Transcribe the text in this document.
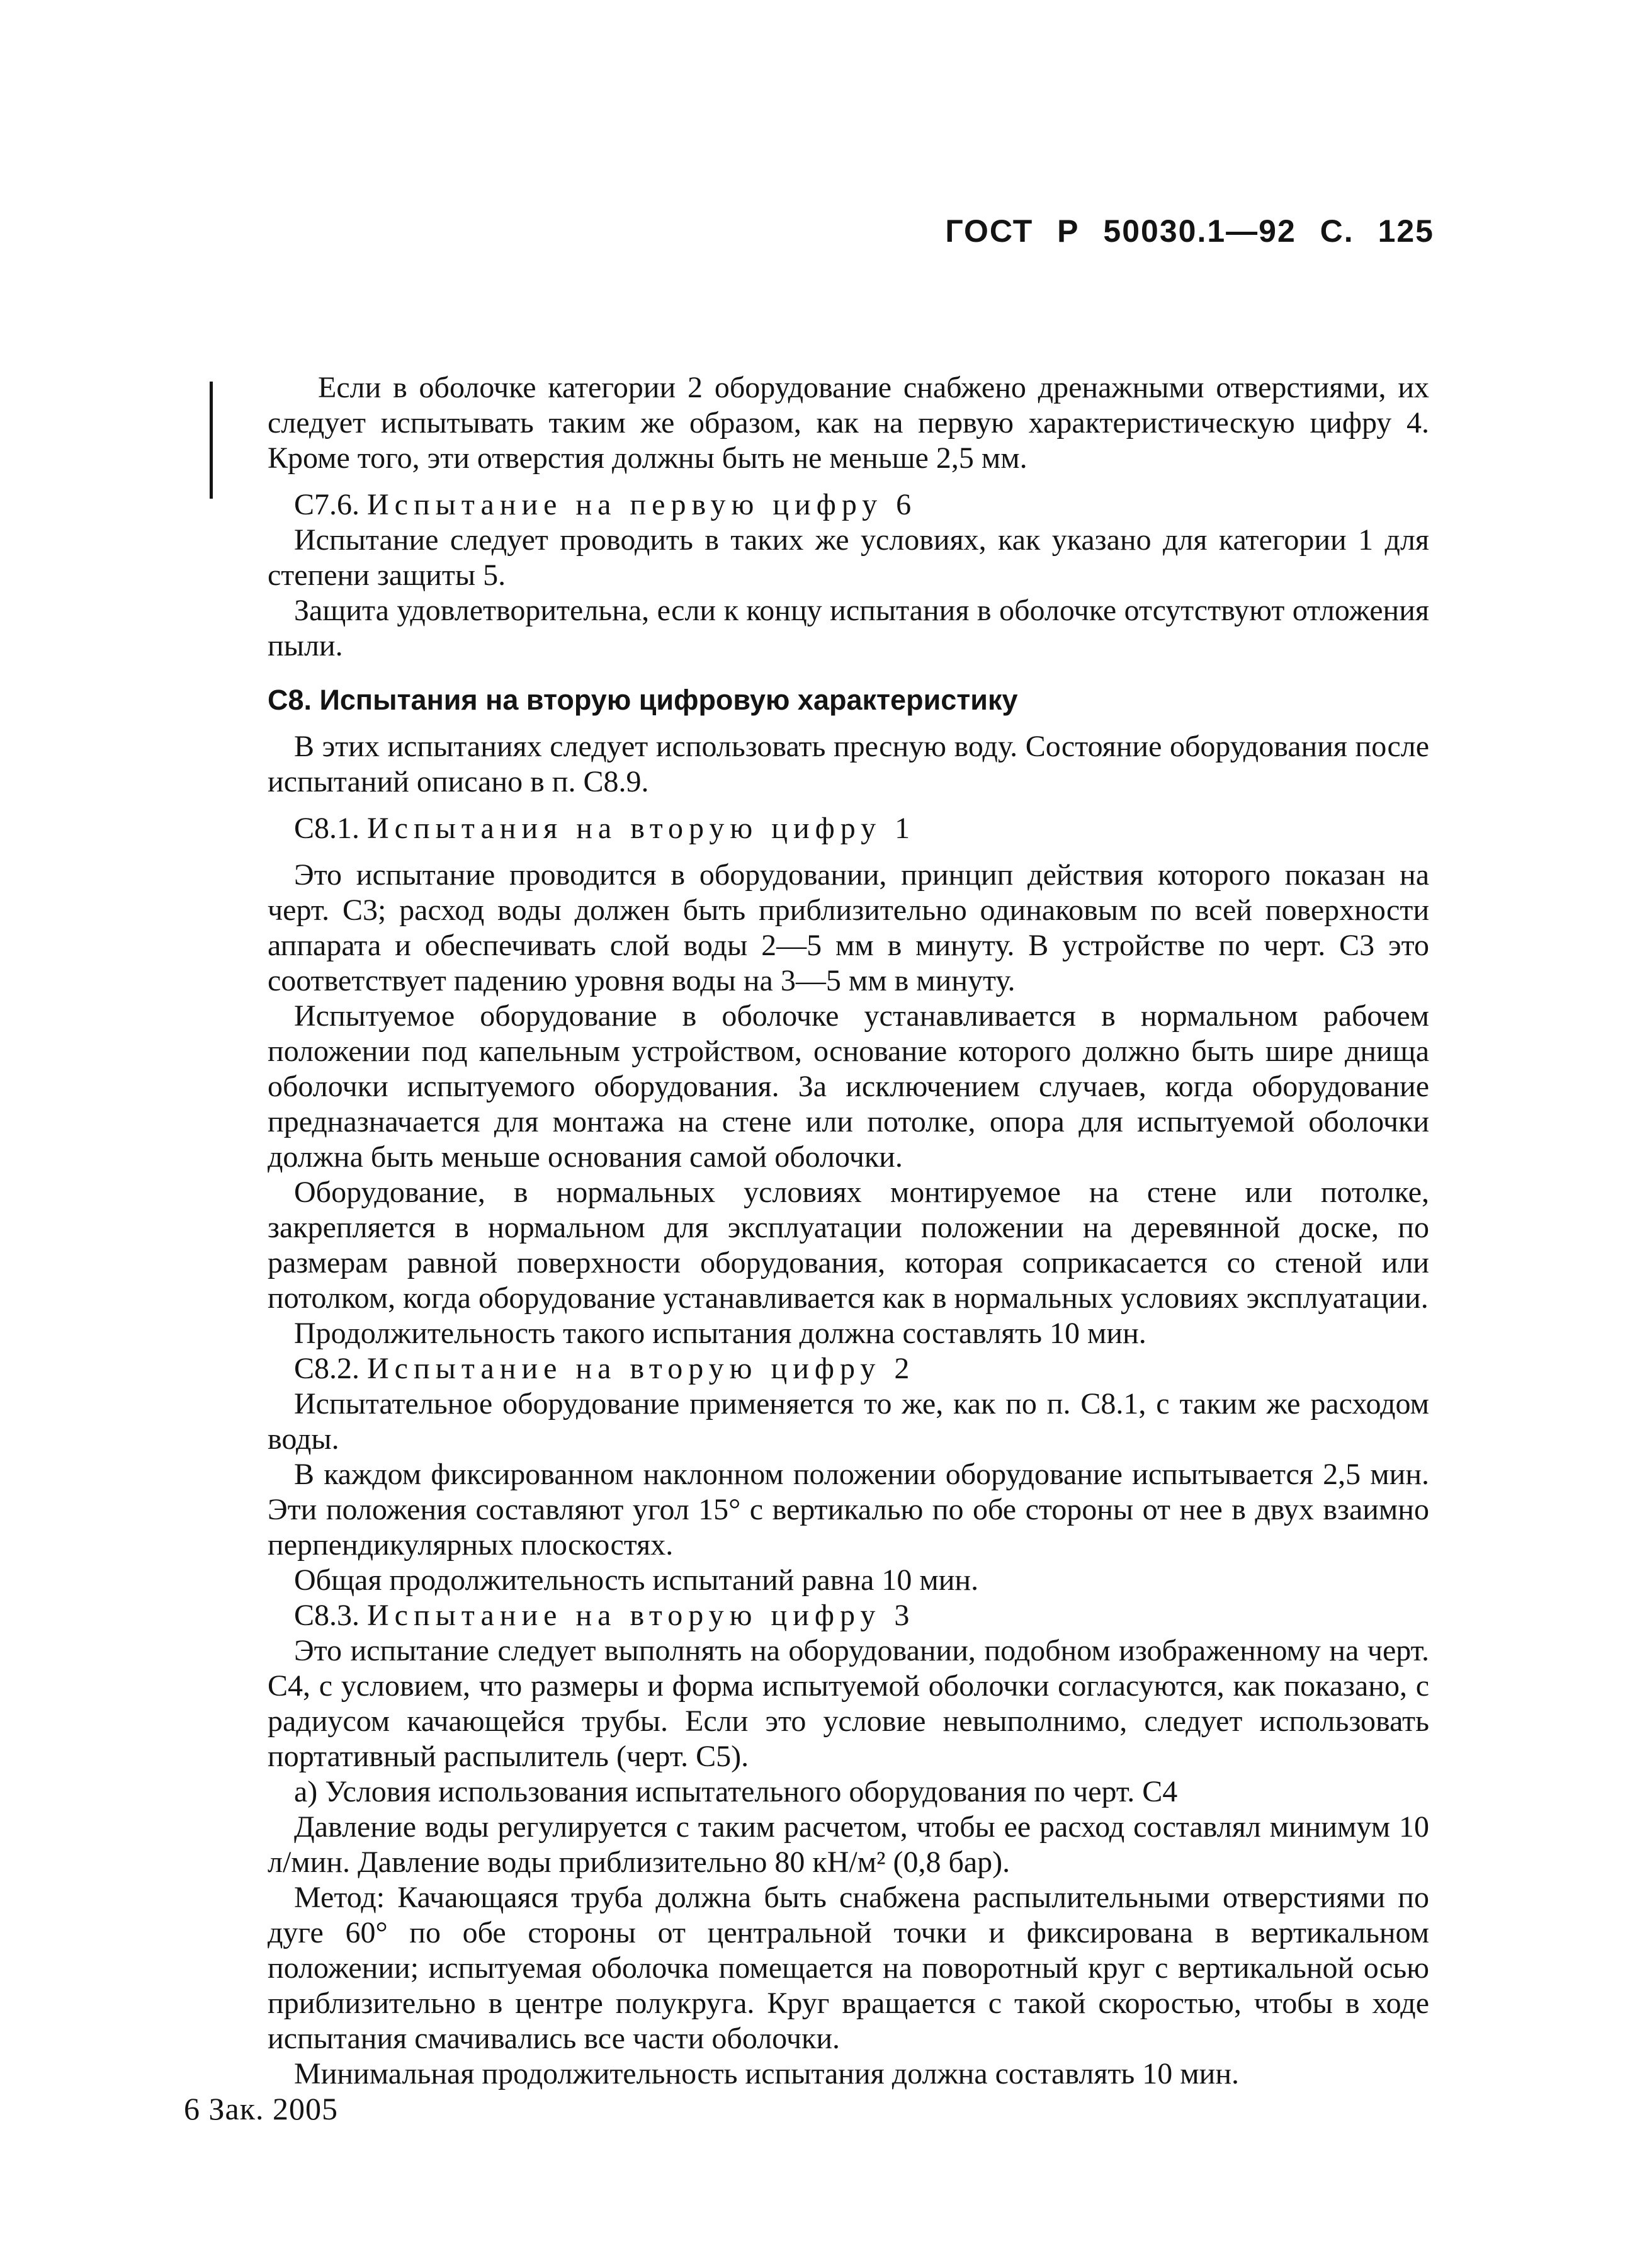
ГОСТ Р 50030.1—92 С. 125

Если в оболочке категории 2 оборудование снабжено дренажными отверстиями, их следует испытывать таким же образом, как на первую характеристическую цифру 4. Кроме того, эти отверстия должны быть не меньше 2,5 мм.

С7.6. Испытание на первую цифру 6

Испытание следует проводить в таких же условиях, как указано для категории 1 для степени защиты 5.

Защита удовлетворительна, если к концу испытания в оболочке отсутствуют отложения пыли.

С8. Испытания на вторую цифровую характеристику

В этих испытаниях следует использовать пресную воду. Состояние оборудования после испытаний описано в п. С8.9.

С8.1. Испытания на вторую цифру 1

Это испытание проводится в оборудовании, принцип действия которого показан на черт. С3; расход воды должен быть приблизительно одинаковым по всей поверхности аппарата и обеспечивать слой воды 2—5 мм в минуту. В устройстве по черт. С3 это соответствует падению уровня воды на 3—5 мм в минуту.

Испытуемое оборудование в оболочке устанавливается в нормальном рабочем положении под капельным устройством, основание которого должно быть шире днища оболочки испытуемого оборудования. За исключением случаев, когда оборудование предназначается для монтажа на стене или потолке, опора для испытуемой оболочки должна быть меньше основания самой оболочки.

Оборудование, в нормальных условиях монтируемое на стене или потолке, закрепляется в нормальном для эксплуатации положении на деревянной доске, по размерам равной поверхности оборудования, которая соприкасается со стеной или потолком, когда оборудование устанавливается как в нормальных условиях эксплуатации.

Продолжительность такого испытания должна составлять 10 мин.

С8.2. Испытание на вторую цифру 2

Испытательное оборудование применяется то же, как по п. С8.1, с таким же расходом воды.

В каждом фиксированном наклонном положении оборудование испытывается 2,5 мин. Эти положения составляют угол 15° с вертикалью по обе стороны от нее в двух взаимно перпендикулярных плоскостях.

Общая продолжительность испытаний равна 10 мин.

С8.3. Испытание на вторую цифру 3

Это испытание следует выполнять на оборудовании, подобном изображенному на черт. С4, с условием, что размеры и форма испытуемой оболочки согласуются, как показано, с радиусом качающейся трубы. Если это условие невыполнимо, следует использовать портативный распылитель (черт. С5).

а) Условия использования испытательного оборудования по черт. С4

Давление воды регулируется с таким расчетом, чтобы ее расход составлял минимум 10 л/мин. Давление воды приблизительно 80 кН/м² (0,8 бар).

Метод: Качающаяся труба должна быть снабжена распылительными отверстиями по дуге 60° по обе стороны от центральной точки и фиксирована в вертикальном положении; испытуемая оболочка помещается на поворотный круг с вертикальной осью приблизительно в центре полукруга. Круг вращается с такой скоростью, чтобы в ходе испытания смачивались все части оболочки.

Минимальная продолжительность испытания должна составлять 10 мин.

6 Зак. 2005
